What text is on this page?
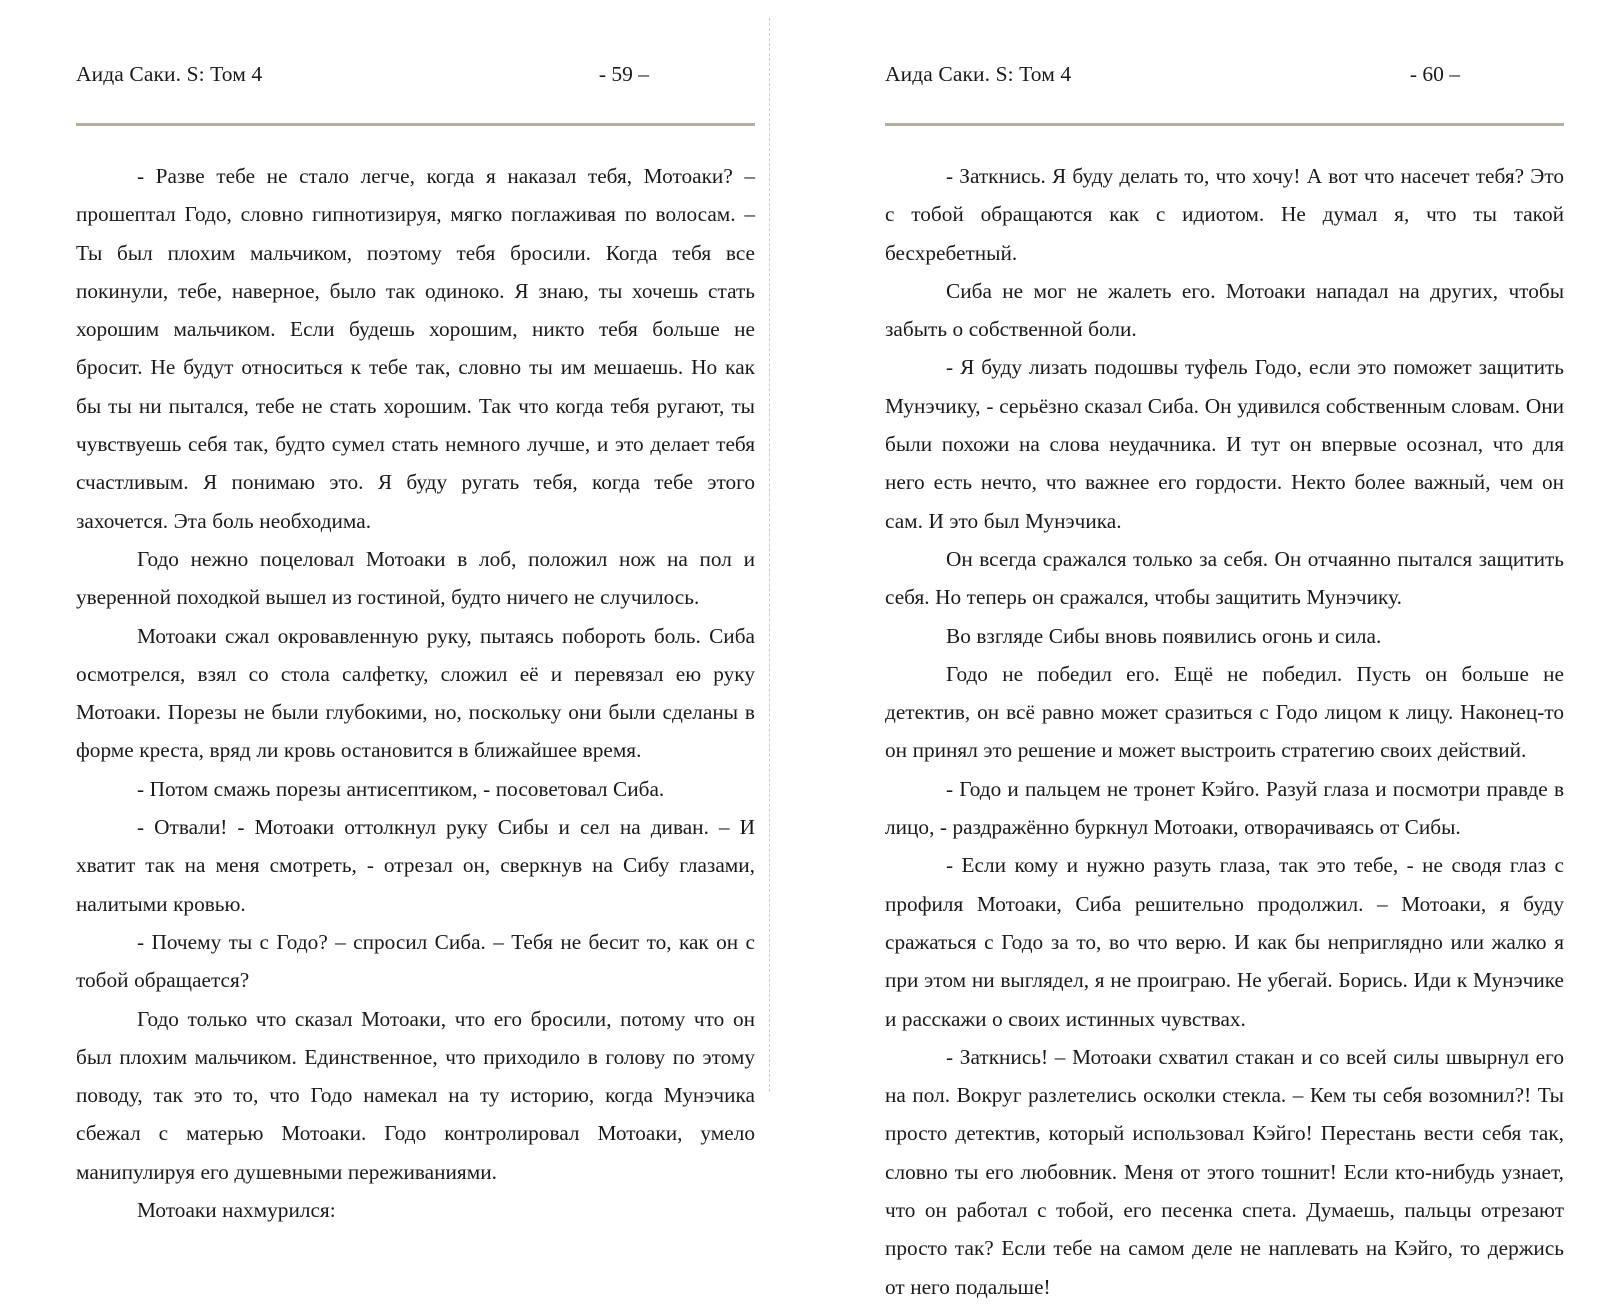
Аида Саки. S: Том 4	- 59 –

- Разве тебе не стало легче, когда я наказал тебя, Мотоаки? – прошептал Годо, словно гипнотизируя, мягко поглаживая по волосам. – Ты был плохим мальчиком, поэтому тебя бросили. Когда тебя все покинули, тебе, наверное, было так одиноко. Я знаю, ты хочешь стать хорошим мальчиком. Если будешь хорошим, никто тебя больше не бросит. Не будут относиться к тебе так, словно ты им мешаешь. Но как бы ты ни пытался, тебе не стать хорошим. Так что когда тебя ругают, ты чувствуешь себя так, будто сумел стать немного лучше, и это делает тебя счастливым. Я понимаю это. Я буду ругать тебя, когда тебе этого захочется. Эта боль необходима.

Годо нежно поцеловал Мотоаки в лоб, положил нож на пол и уверенной походкой вышел из гостиной, будто ничего не случилось.

Мотоаки сжал окровавленную руку, пытаясь побороть боль. Сиба осмотрелся, взял со стола салфетку, сложил её и перевязал ею руку Мотоаки. Порезы не были глубокими, но, поскольку они были сделаны в форме креста, вряд ли кровь остановится в ближайшее время.

- Потом смажь порезы антисептиком, - посоветовал Сиба.

- Отвали! - Мотоаки оттолкнул руку Сибы и сел на диван. – И хватит так на меня смотреть, - отрезал он, сверкнув на Сибу глазами, налитыми кровью.

- Почему ты с Годо? – спросил Сиба. – Тебя не бесит то, как он с тобой обращается?

Годо только что сказал Мотоаки, что его бросили, потому что он был плохим мальчиком. Единственное, что приходило в голову по этому поводу, так это то, что Годо намекал на ту историю, когда Мунэчика сбежал с матерью Мотоаки. Годо контролировал Мотоаки, умело манипулируя его душевными переживаниями.

Мотоаки нахмурился:

Аида Саки. S: Том 4	- 60 –

- Заткнись. Я буду делать то, что хочу! А вот что насечет тебя? Это с тобой обращаются как с идиотом. Не думал я, что ты такой бесхребетный.

Сиба не мог не жалеть его. Мотоаки нападал на других, чтобы забыть о собственной боли.

- Я буду лизать подошвы туфель Годо, если это поможет защитить Мунэчику, - серьёзно сказал Сиба. Он удивился собственным словам. Они были похожи на слова неудачника. И тут он впервые осознал, что для него есть нечто, что важнее его гордости. Некто более важный, чем он сам. И это был Мунэчика.

Он всегда сражался только за себя. Он отчаянно пытался защитить себя. Но теперь он сражался, чтобы защитить Мунэчику.

Во взгляде Сибы вновь появились огонь и сила.

Годо не победил его. Ещё не победил. Пусть он больше не детектив, он всё равно может сразиться с Годо лицом к лицу. Наконец-то он принял это решение и может выстроить стратегию своих действий.

- Годо и пальцем не тронет Кэйго. Разуй глаза и посмотри правде в лицо, - раздражённо буркнул Мотоаки, отворачиваясь от Сибы.

- Если кому и нужно разуть глаза, так это тебе, - не сводя глаз с профиля Мотоаки, Сиба решительно продолжил. – Мотоаки, я буду сражаться с Годо за то, во что верю. И как бы неприглядно или жалко я при этом ни выглядел, я не проиграю. Не убегай. Борись. Иди к Мунэчике и расскажи о своих истинных чувствах.

- Заткнись! – Мотоаки схватил стакан и со всей силы швырнул его на пол. Вокруг разлетелись осколки стекла. – Кем ты себя возомнил?! Ты просто детектив, который использовал Кэйго! Перестань вести себя так, словно ты его любовник. Меня от этого тошнит! Если кто-нибудь узнает, что он работал с тобой, его песенка спета. Думаешь, пальцы отрезают просто так? Если тебе на самом деле не наплевать на Кэйго, то держись от него подальше!
